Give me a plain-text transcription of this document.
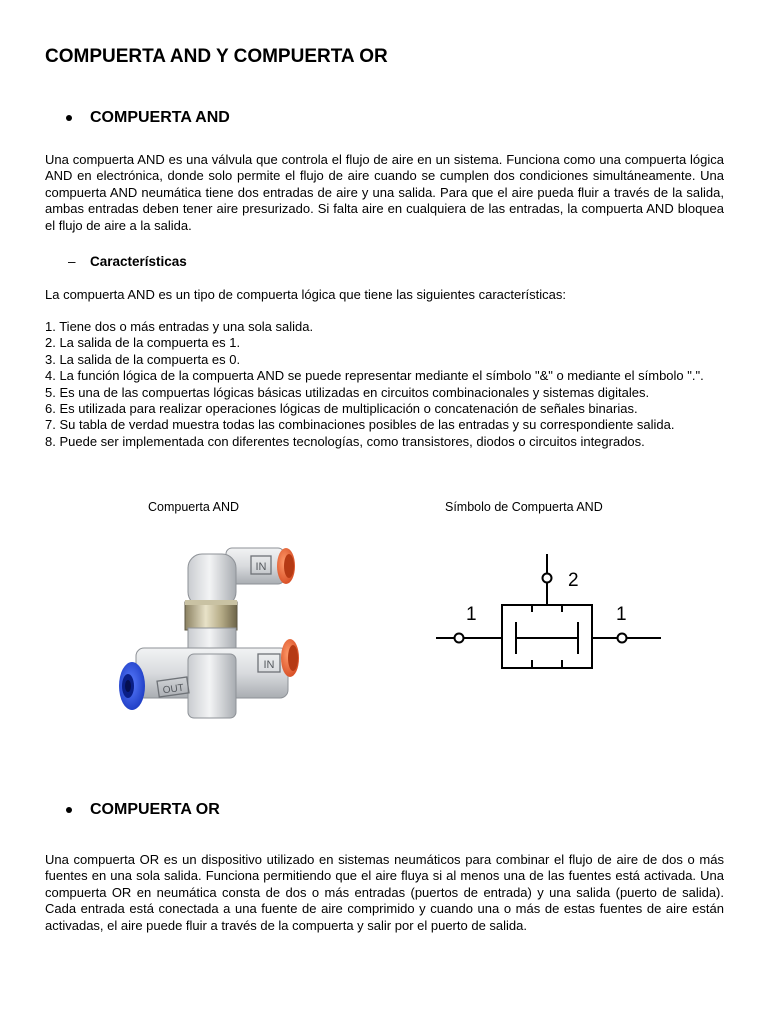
COMPUERTA AND Y COMPUERTA OR
COMPUERTA AND

Una compuerta AND es una válvula que controla el flujo de aire en un sistema. Funciona como una compuerta lógica AND en electrónica, donde solo permite el flujo de aire cuando se cumplen dos condiciones simultáneamente. Una compuerta AND neumática tiene dos entradas de aire y una salida. Para que el aire pueda fluir a través de la salida, ambas entradas deben tener aire presurizado. Si falta aire en cualquiera de las entradas, la compuerta AND bloquea el flujo de aire a la salida.

– Características

La compuerta AND es un tipo de compuerta lógica que tiene las siguientes características:

1. Tiene dos o más entradas y una sola salida.
2. La salida de la compuerta es 1.
3. La salida de la compuerta es 0.
4. La función lógica de la compuerta AND se puede representar mediante el símbolo "&" o mediante el símbolo ".".
5. Es una de las compuertas lógicas básicas utilizadas en circuitos combinacionales y sistemas digitales.
6. Es utilizada para realizar operaciones lógicas de multiplicación o concatenación de señales binarias.
7. Su tabla de verdad muestra todas las combinaciones posibles de las entradas y su correspondiente salida.
8. Puede ser implementada con diferentes tecnologías, como transistores, diodos o circuitos integrados.
Compuerta AND	Símbolo de Compuerta AND
IN
IN
OUT
2
1	1
COMPUERTA OR

Una compuerta OR es un dispositivo utilizado en sistemas neumáticos para combinar el flujo de aire de dos o más fuentes en una sola salida. Funciona permitiendo que el aire fluya si al menos una de las fuentes está activada. Una compuerta OR en neumática consta de dos o más entradas (puertos de entrada) y una salida (puerto de salida). Cada entrada está conectada a una fuente de aire comprimido y cuando una o más de estas fuentes de aire están activadas, el aire puede fluir a través de la compuerta y salir por el puerto de salida.
